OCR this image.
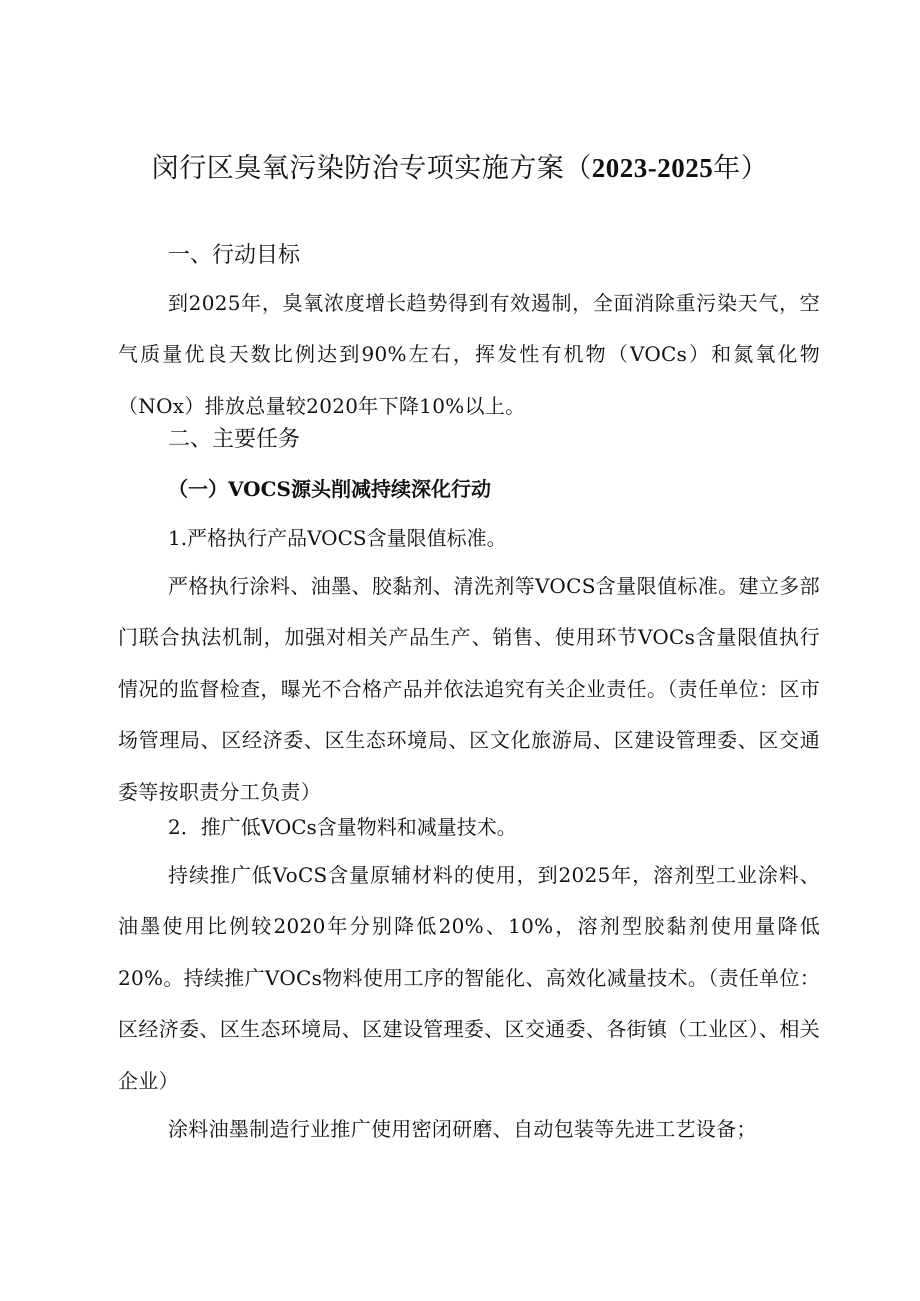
闵行区臭氧污染防治专项实施方案（2023-2025年）
一、行动目标

到2025年，臭氧浓度增长趋势得到有效遏制，全面消除重污染天气，空气质量优良天数比例达到90%左右，挥发性有机物（VOCs）和氮氧化物（NOx）排放总量较2020年下降10%以上。

二、主要任务
（一）VOCS源头削减持续深化行动
1.严格执行产品VOCS含量限值标准。

严格执行涂料、油墨、胶黏剂、清洗剂等VOCS含量限值标准。建立多部门联合执法机制，加强对相关产品生产、销售、使用环节VOCs含量限值执行情况的监督检查，曝光不合格产品并依法追究有关企业责任。（责任单位：区市场管理局、区经济委、区生态环境局、区文化旅游局、区建设管理委、区交通委等按职责分工负责）

2．推广低VOCs含量物料和减量技术。

持续推广低VoCS含量原辅材料的使用，到2025年，溶剂型工业涂料、油墨使用比例较2020年分别降低20%、10%，溶剂型胶黏剂使用量降低20%。持续推广VOCs物料使用工序的智能化、高效化减量技术。（责任单位：区经济委、区生态环境局、区建设管理委、区交通委、各街镇（工业区）、相关企业）

涂料油墨制造行业推广使用密闭研磨、自动包装等先进工艺设备；
